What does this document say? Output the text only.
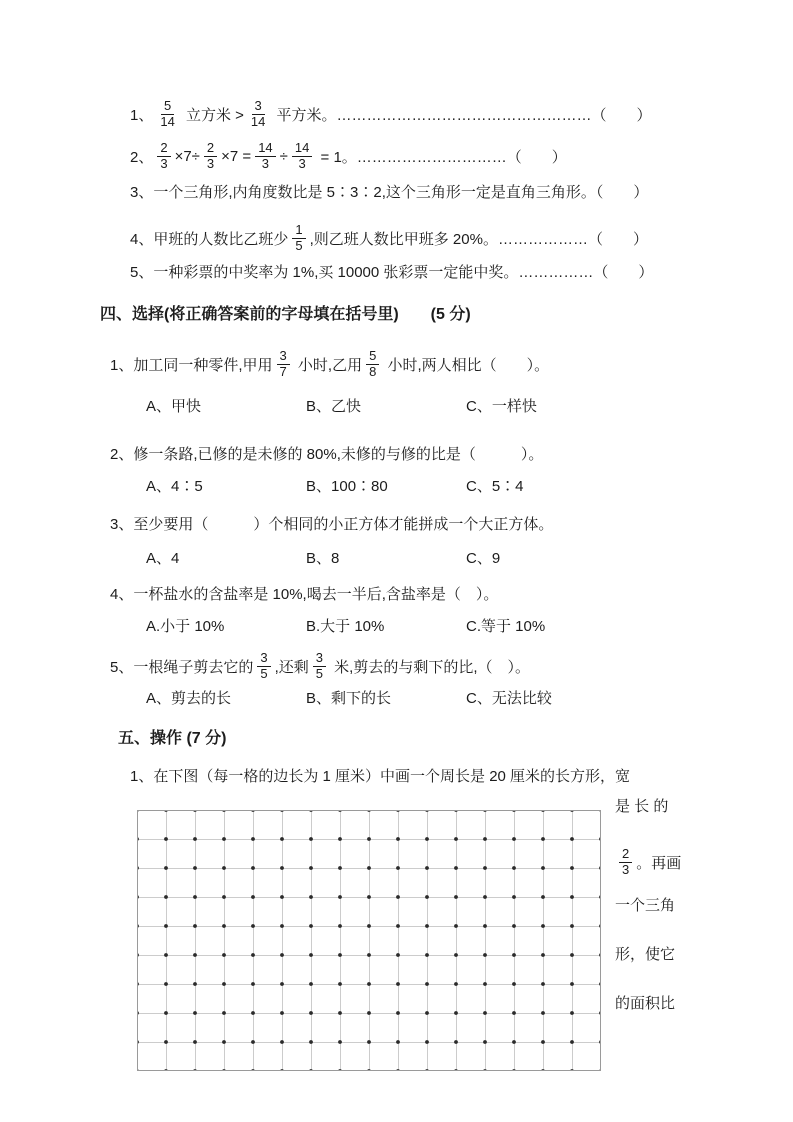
1、 $\frac{5}{14}$ 立方米 > $\frac{3}{14}$ 平方米。……………………………………………（　　）
2、 $\frac{2}{3} \times 7\div \frac{2}{3} \times 7 = \frac{14}{3} \div \frac{14}{3} = 1$。…………………………（　　）
3、一个三角形,内角度数比是 5∶3∶2,这个三角形一定是直角三角形。（　　）
4、 甲班的人数比乙班少 $\frac{1}{5}$ ,则乙班人数比甲班多 20%。………………（　　）
5、一种彩票的中奖率为 1%,买 10000 张彩票一定能中奖。……………（　　）
四、选择(将正确答案前的字母填在括号里)　　(5 分)
1、 加工同一种零件,甲用 $\frac{3}{7}$ 小时,乙用 $\frac{5}{8}$ 小时,两人相比（　　）。
A、甲快	B、乙快	C、一样快
2、修一条路,已修的是未修的 80%,未修的与修的比是（　　　）。
A、4∶5	B、100∶80	C、5∶4
3、至少要用（　　　）个相同的小正方体才能拼成一个大正方体。
A、4	B、8	C、9
4、一杯盐水的含盐率是 10%,喝去一半后,含盐率是（　）。
A.小于 10%	B.大于 10%	C.等于 10%
5、 一根绳子剪去它的 $\frac{3}{5}$ ,还剩 $\frac{3}{5}$ 米,剪去的与剩下的比,（　）。
A、剪去的长	B、剩下的长	C、无法比较
五、操作 (7 分)
1、在下图（每一格的边长为 1 厘米）中画一个周长是 20 厘米的长方形，宽
是 长 的
$\frac{2}{3}$ 。再画
一个三角
形，使它
的面积比
